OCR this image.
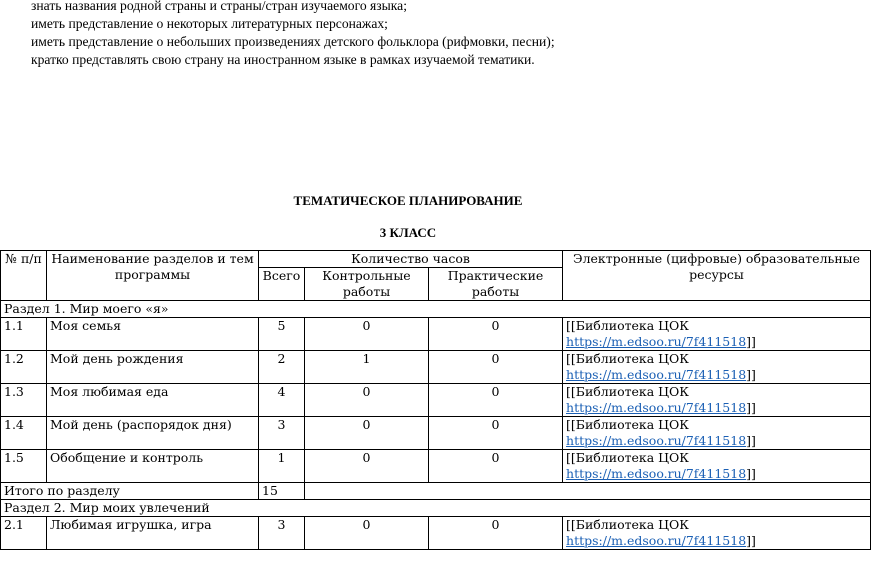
знать названия родной страны и страны/стран изучаемого языка;
иметь представление о некоторых литературных персонажах;
иметь представление о небольших произведениях детского фольклора (рифмовки, песни);
кратко представлять свою страну на иностранном языке в рамках изучаемой тематики.
ТЕМАТИЧЕСКОЕ ПЛАНИРОВАНИЕ
3 КЛАСС
№ п/п	Наименование разделов и тем программы	Количество часов			Электронные (цифровые) образовательные ресурсы
		Всего	Контрольные работы	Практические работы	
Раздел 1. Мир моего «я»					
1.1	Моя семья	5	0	0	[[Библиотека ЦОК
https://m.edsoo.ru/7f411518]]
1.2	Мой день рождения	2	1	0	[[Библиотека ЦОК
https://m.edsoo.ru/7f411518]]
1.3	Моя любимая еда	4	0	0	[[Библиотека ЦОК
https://m.edsoo.ru/7f411518]]
1.4	Мой день (распорядок дня)	3	0	0	[[Библиотека ЦОК
https://m.edsoo.ru/7f411518]]
1.5	Обобщение и контроль	1	0	0	[[Библиотека ЦОК
https://m.edsoo.ru/7f411518]]
Итого по разделу		15			
Раздел 2. Мир моих увлечений					
2.1	Любимая игрушка, игра	3	0	0	[[Библиотека ЦОК
https://m.edsoo.ru/7f411518]]
